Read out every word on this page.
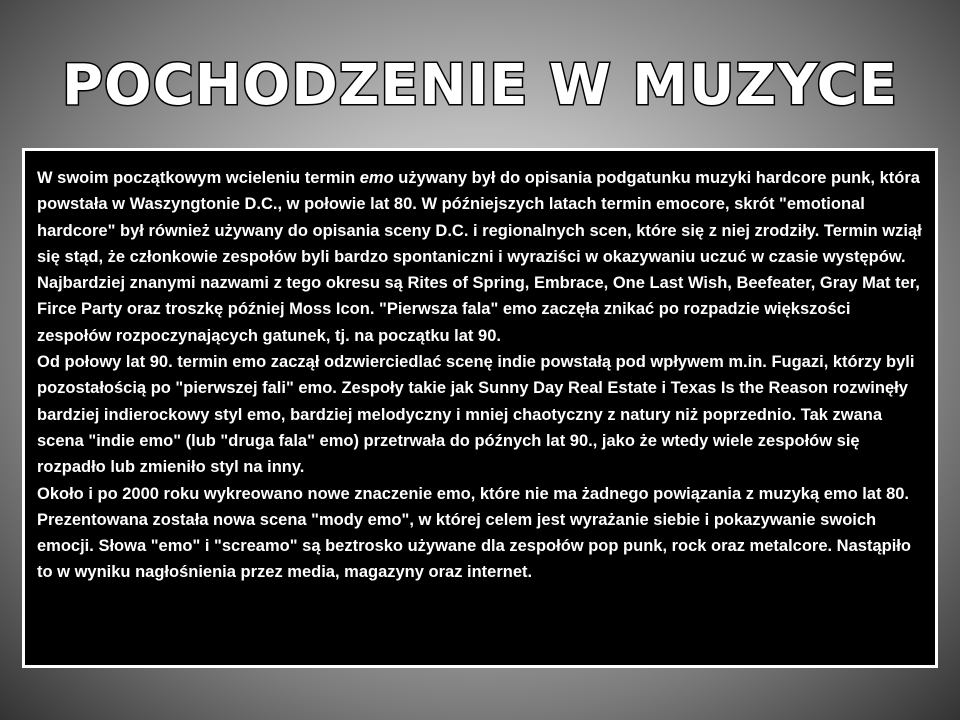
POCHODZENIE W MUZYCE

W swoim początkowym wcieleniu termin emo używany był do opisania podgatunku muzyki hardcore punk, która powstała w Waszyngtonie D.C., w połowie lat 80. W późniejszych latach termin emocore, skrót "emotional hardcore" był również używany do opisania sceny D.C. i regionalnych scen, które się z niej zrodziły. Termin wziął się stąd, że członkowie zespołów byli bardzo spontaniczni i wyraziści w okazywaniu uczuć w czasie występów. Najbardziej znanymi nazwami z tego okresu są Rites of Spring, Embrace, One Last Wish, Beefeater, Gray Mat ter, Firce Party oraz troszkę później Moss Icon. "Pierwsza fala" emo zaczęła znikać po rozpadzie większości zespołów rozpoczynających gatunek, tj. na początku lat 90.

Od połowy lat 90. termin emo zaczął odzwierciedlać scenę indie powstałą pod wpływem m.in. Fugazi, którzy byli pozostałością po "pierwszej fali" emo. Zespoły takie jak Sunny Day Real Estate i Texas Is the Reason rozwinęły bardziej indierockowy styl emo, bardziej melodyczny i mniej chaotyczny z natury niż poprzednio. Tak zwana scena "indie emo" (lub "druga fala" emo) przetrwała do późnych lat 90., jako że wtedy wiele zespołów się rozpadło lub zmieniło styl na inny.

Około i po 2000 roku wykreowano nowe znaczenie emo, które nie ma żadnego powiązania z muzyką emo lat 80. Prezentowana została nowa scena "mody emo", w której celem jest wyrażanie siebie i pokazywanie swoich emocji. Słowa "emo" i "screamo" są beztrosko używane dla zespołów pop punk, rock oraz metalcore. Nastąpiło to w wyniku nagłośnienia przez media, magazyny oraz internet.
